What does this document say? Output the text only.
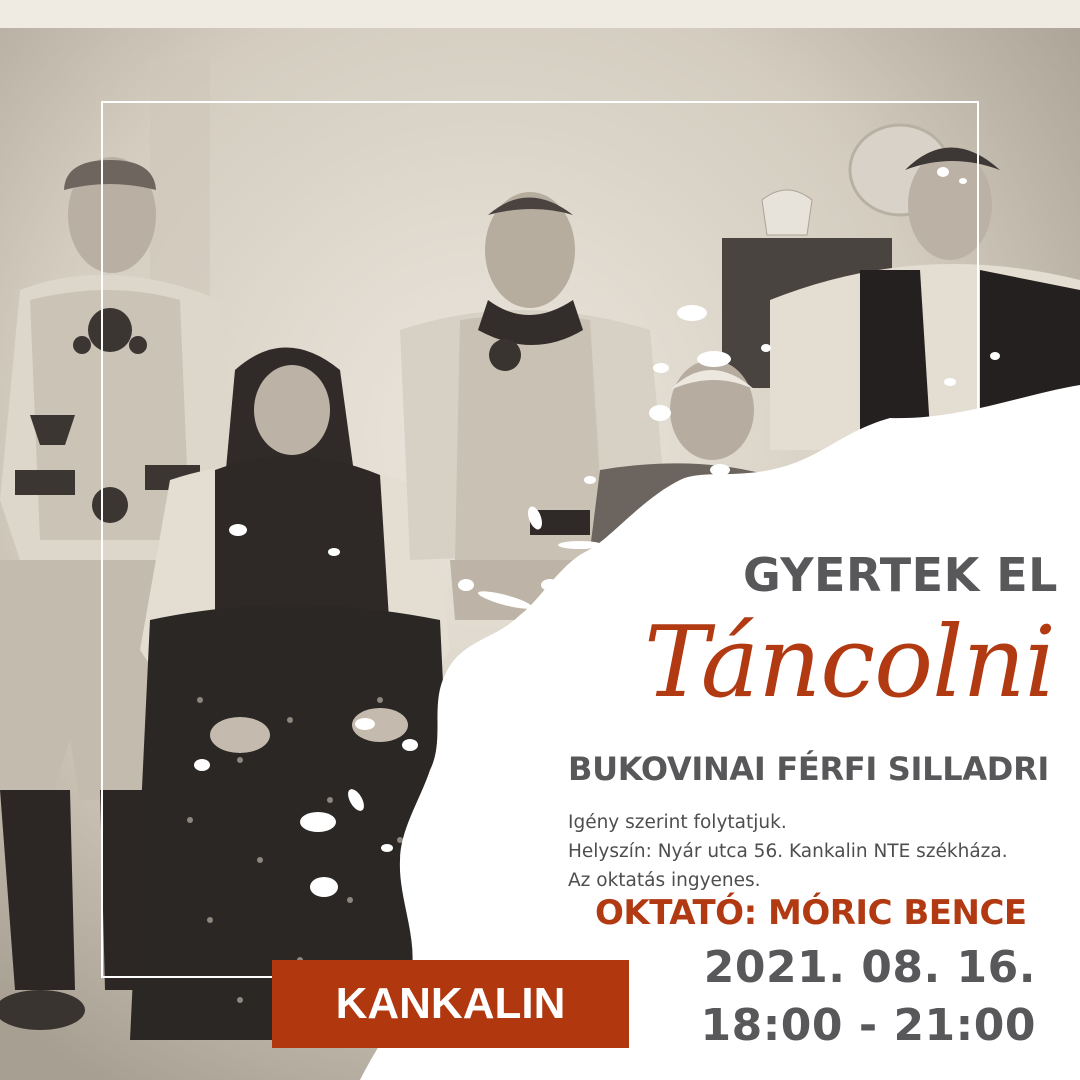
GYERTEK EL
Táncolni
BUKOVINAI FÉRFI SILLADRI
Igény szerint folytatjuk.
Helyszín: Nyár utca 56. Kankalin NTE székháza.
Az oktatás ingyenes.
OKTATÓ: MÓRIC BENCE
2021. 08. 16.
18:00 - 21:00
KANKALIN
